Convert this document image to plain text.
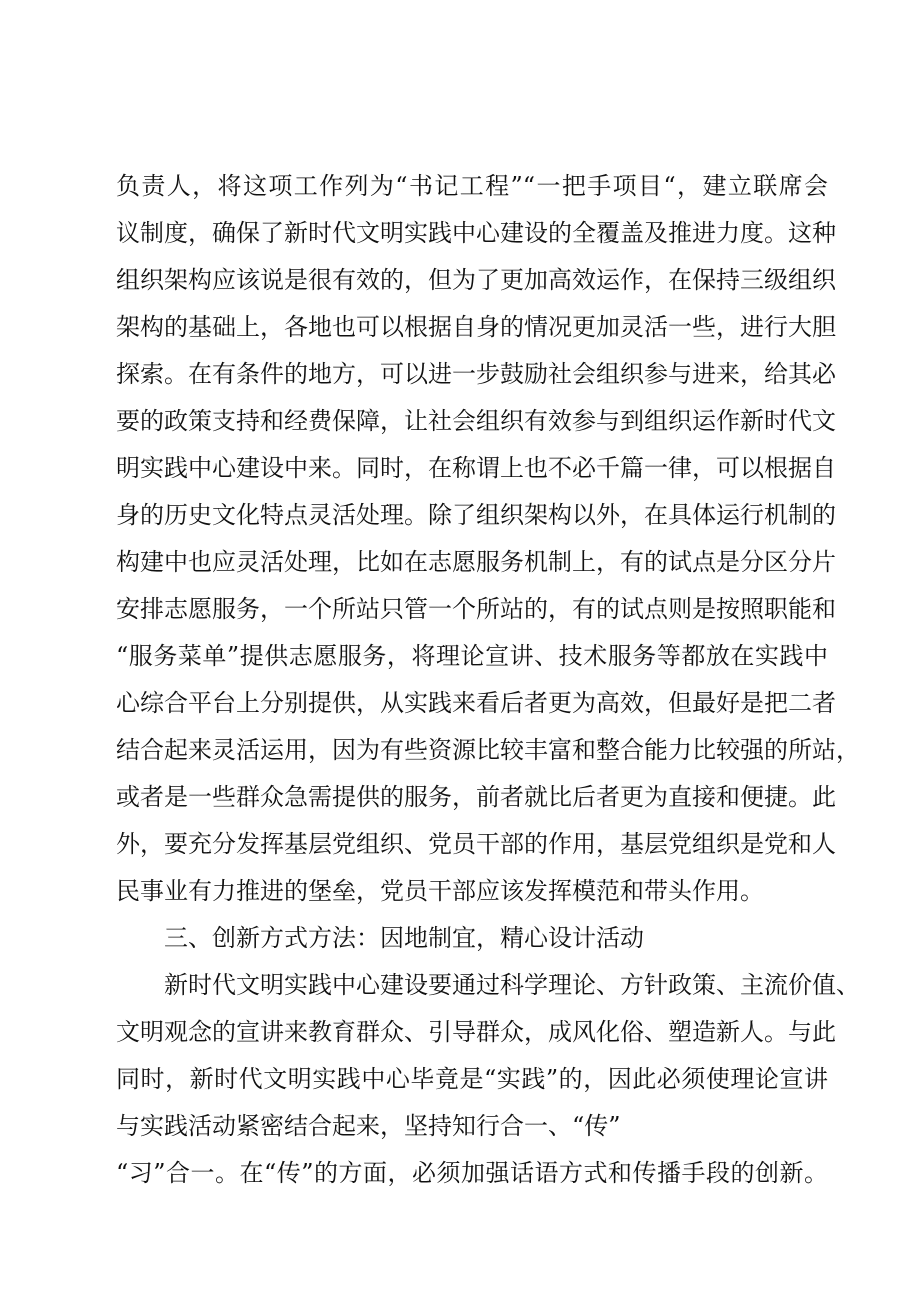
负责人，将这项工作列为“书记工程”“一把手项目“，建立联席会
议制度，确保了新时代文明实践中心建设的全覆盖及推进力度。这种
组织架构应该说是很有效的，但为了更加高效运作，在保持三级组织
架构的基础上，各地也可以根据自身的情况更加灵活一些，进行大胆
探索。在有条件的地方，可以进一步鼓励社会组织参与进来，给其必
要的政策支持和经费保障，让社会组织有效参与到组织运作新时代文
明实践中心建设中来。同时，在称谓上也不必千篇一律，可以根据自
身的历史文化特点灵活处理。除了组织架构以外，在具体运行机制的
构建中也应灵活处理，比如在志愿服务机制上，有的试点是分区分片
安排志愿服务，一个所站只管一个所站的，有的试点则是按照职能和
“服务菜单”提供志愿服务，将理论宣讲、技术服务等都放在实践中
心综合平台上分别提供，从实践来看后者更为高效，但最好是把二者
结合起来灵活运用，因为有些资源比较丰富和整合能力比较强的所站，
或者是一些群众急需提供的服务，前者就比后者更为直接和便捷。此
外，要充分发挥基层党组织、党员干部的作用，基层党组织是党和人
民事业有力推进的堡垒，党员干部应该发挥模范和带头作用。
三、创新方式方法：因地制宜，精心设计活动
新时代文明实践中心建设要通过科学理论、方针政策、主流价值、
文明观念的宣讲来教育群众、引导群众，成风化俗、塑造新人。与此
同时，新时代文明实践中心毕竟是“实践”的，因此必须使理论宣讲
与实践活动紧密结合起来，坚持知行合一、“传”
“习”合一。在“传”的方面，必须加强话语方式和传播手段的创新。
